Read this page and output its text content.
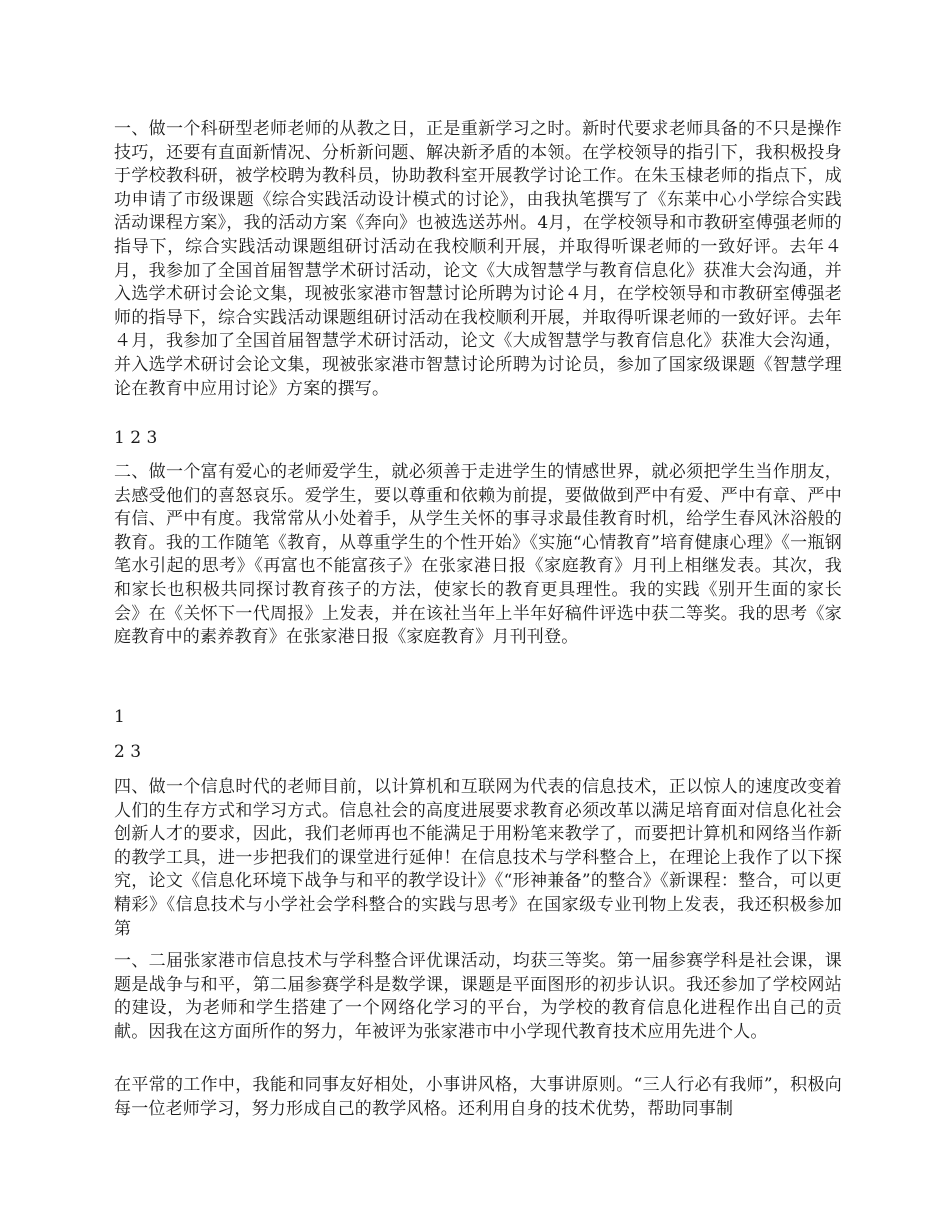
一、做一个科研型老师老师的从教之日，正是重新学习之时。新时代要求老师具备的不只是操作技巧，还要有直面新情况、分析新问题、解决新矛盾的本领。在学校领导的指引下，我积极投身于学校教科研，被学校聘为教科员，协助教科室开展教学讨论工作。在朱玉棣老师的指点下，成功申请了市级课题《综合实践活动设计模式的讨论》，由我执笔撰写了《东莱中心小学综合实践活动课程方案》，我的活动方案《奔向》也被选送苏州。4月，在学校领导和市教研室傅强老师的指导下，综合实践活动课题组研讨活动在我校顺利开展，并取得听课老师的一致好评。去年４月，我参加了全国首届智慧学术研讨活动，论文《大成智慧学与教育信息化》获准大会沟通，并入选学术研讨会论文集，现被张家港市智慧讨论所聘为讨论４月，在学校领导和市教研室傅强老师的指导下，综合实践活动课题组研讨活动在我校顺利开展，并取得听课老师的一致好评。去年４月，我参加了全国首届智慧学术研讨活动，论文《大成智慧学与教育信息化》获准大会沟通，并入选学术研讨会论文集，现被张家港市智慧讨论所聘为讨论员，参加了国家级课题《智慧学理论在教育中应用讨论》方案的撰写。

1 2 3

二、做一个富有爱心的老师爱学生，就必须善于走进学生的情感世界，就必须把学生当作朋友，去感受他们的喜怒哀乐。爱学生，要以尊重和依赖为前提，要做做到严中有爱、严中有章、严中有信、严中有度。我常常从小处着手，从学生关怀的事寻求最佳教育时机，给学生春风沐浴般的教育。我的工作随笔《教育，从尊重学生的个性开始》《实施“心情教育”培育健康心理》《一瓶钢笔水引起的思考》《再富也不能富孩子》在张家港日报《家庭教育》月刊上相继发表。其次，我和家长也积极共同探讨教育孩子的方法，使家长的教育更具理性。我的实践《别开生面的家长会》在《关怀下一代周报》上发表，并在该社当年上半年好稿件评选中获二等奖。我的思考《家庭教育中的素养教育》在张家港日报《家庭教育》月刊刊登。

1

2 3

四、做一个信息时代的老师目前，以计算机和互联网为代表的信息技术，正以惊人的速度改变着人们的生存方式和学习方式。信息社会的高度进展要求教育必须改革以满足培育面对信息化社会创新人才的要求，因此，我们老师再也不能满足于用粉笔来教学了，而要把计算机和网络当作新的教学工具，进一步把我们的课堂进行延伸！在信息技术与学科整合上，在理论上我作了以下探究，论文《信息化环境下战争与和平的教学设计》《“形神兼备”的整合》《新课程：整合，可以更精彩》《信息技术与小学社会学科整合的实践与思考》在国家级专业刊物上发表，我还积极参加第

一、二届张家港市信息技术与学科整合评优课活动，均获三等奖。第一届参赛学科是社会课，课题是战争与和平，第二届参赛学科是数学课，课题是平面图形的初步认识。我还参加了学校网站的建设，为老师和学生搭建了一个网络化学习的平台，为学校的教育信息化进程作出自己的贡献。因我在这方面所作的努力，年被评为张家港市中小学现代教育技术应用先进个人。

在平常的工作中，我能和同事友好相处，小事讲风格，大事讲原则。“三人行必有我师”，积极向每一位老师学习，努力形成自己的教学风格。还利用自身的技术优势，帮助同事制
